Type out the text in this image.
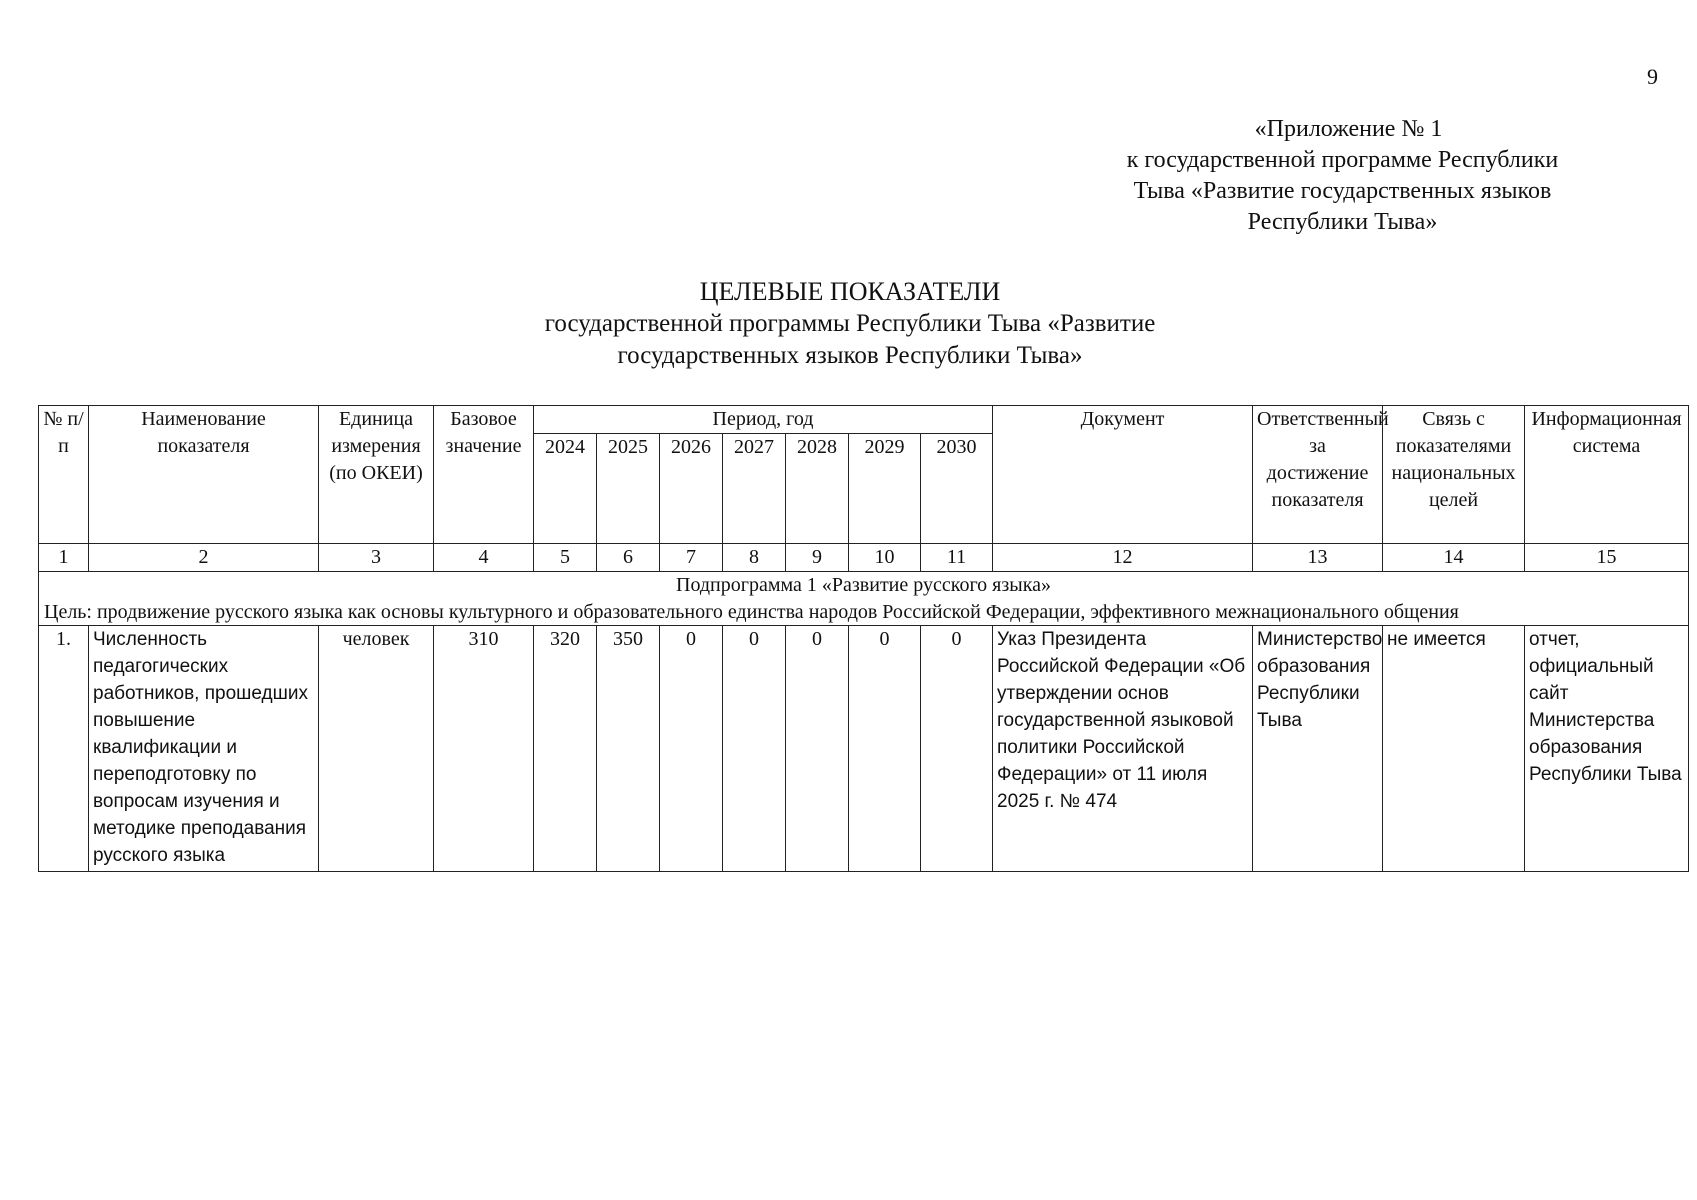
9
«Приложение № 1
к государственной программе Республики
Тыва «Развитие государственных языков
Республики Тыва»
ЦЕЛЕВЫЕ ПОКАЗАТЕЛИ
государственной программы Республики Тыва «Развитие
государственных языков Республики Тыва»
№ п/п	Наименование показателя	Единица измерения (по ОКЕИ)	Базовое значение	Период, год							Документ	Ответственный за достижение показателя	Связь с показателями национальных целей	Информационная система
				2024	2025	2026	2027	2028	2029	2030				
1	2	3	4	5	6	7	8	9	10	11	12	13	14	15
Подпрограмма 1 «Развитие русского языка»														
Цель: продвижение русского языка как основы культурного и образовательного единства народов Российской Федерации, эффективного межнационального общения														
1.	Численность педагогических работников, прошедших повышение квалификации и переподготовку по вопросам изучения и методике преподавания русского языка	человек	310	320	350	0	0	0	0	0	Указ Президента Российской Федерации «Об утверждении основ государственной языковой политики Российской Федерации» от 11 июля 2025 г. № 474	Министерство образования Республики Тыва	не имеется	отчет, официальный сайт Министерства образования Республики Тыва
